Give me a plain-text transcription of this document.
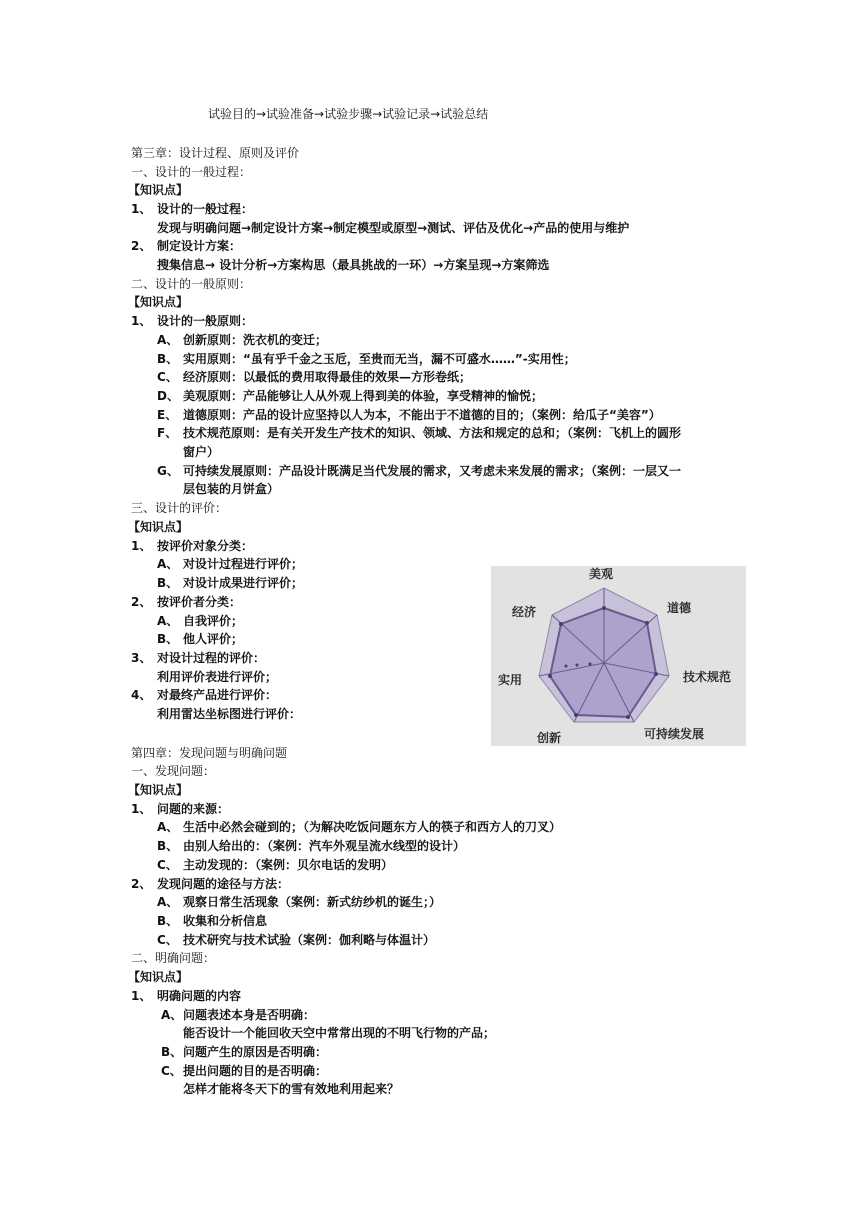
试验目的→试验准备→试验步骤→试验记录→试验总结
第三章：设计过程、原则及评价
一、设计的一般过程：
【知识点】
1、 设计的一般过程：
发现与明确问题→制定设计方案→制定模型或原型→测试、评估及优化→产品的使用与维护
2、 制定设计方案：
搜集信息→ 设计分析→方案构思（最具挑战的一环）→方案呈现→方案筛选
二、设计的一般原则：
【知识点】
1、 设计的一般原则：
A、 创新原则：洗衣机的变迁；
B、 实用原则：“虽有乎千金之玉卮，至贵而无当，漏不可盛水……”-实用性；
C、 经济原则：以最低的费用取得最佳的效果—方形卷纸；
D、 美观原则：产品能够让人从外观上得到美的体验，享受精神的愉悦；
E、 道德原则：产品的设计应坚持以人为本，不能出于不道德的目的；（案例：给瓜子“美容”）
F、 技术规范原则：是有关开发生产技术的知识、领域、方法和规定的总和；（案例：飞机上的圆形
窗户）
G、 可持续发展原则：产品设计既满足当代发展的需求，又考虑未来发展的需求；（案例：一层又一
层包装的月饼盒）
三、设计的评价：
【知识点】
1、 按评价对象分类：
A、 对设计过程进行评价；
B、 对设计成果进行评价；
2、 按评价者分类：
A、 自我评价；
B、 他人评价；
3、 对设计过程的评价：
利用评价表进行评价；
4、 对最终产品进行评价：
利用雷达坐标图进行评价：
美观
道德
技术规范
可持续发展
创新
实用
经济
第四章：发现问题与明确问题
一、发现问题：
【知识点】
1、 问题的来源：
A、 生活中必然会碰到的；（为解决吃饭问题东方人的筷子和西方人的刀叉）
B、 由别人给出的：（案例：汽车外观呈流水线型的设计）
C、 主动发现的：（案例：贝尔电话的发明）
2、 发现问题的途径与方法：
A、 观察日常生活现象（案例：新式纺纱机的诞生；）
B、 收集和分析信息
C、 技术研究与技术试验（案例：伽利略与体温计）
二、明确问题：
【知识点】
1、 明确问题的内容
A、问题表述本身是否明确：
能否设计一个能回收天空中常常出现的不明飞行物的产品；
B、问题产生的原因是否明确：
C、提出问题的目的是否明确：
怎样才能将冬天下的雪有效地利用起来？
